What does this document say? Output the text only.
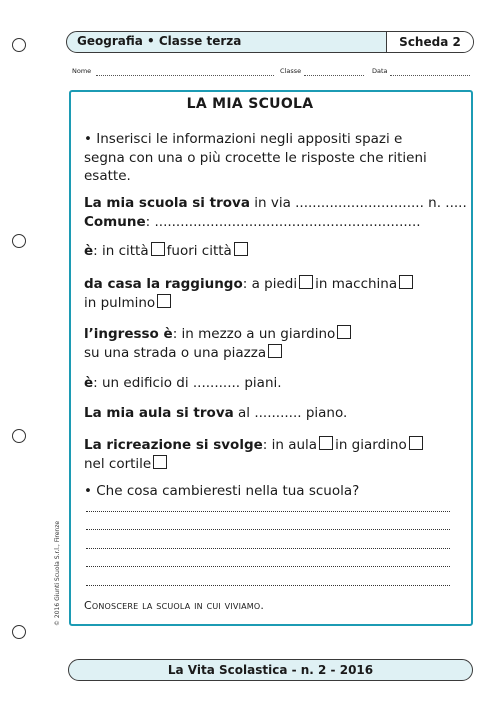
Geografia • Classe terza	Scheda 2
Nome	Classe	Data
LA MIA SCUOLA
• Inserisci le informazioni negli appositi spazi e
segna con una o più crocette le risposte che ritieni
esatte.
La mia scuola si trova in via .............................. n. .....
Comune: ..............................................................
è: in città fuori città
da casa la raggiungo: a piedi in macchina
in pulmino
l’ingresso è: in mezzo a un giardino
su una strada o una piazza
è: un edificio di ........... piani.
La mia aula si trova al ........... piano.
La ricreazione si svolge: in aula in giardino
nel cortile
• Che cosa cambieresti nella tua scuola?
Conoscere la scuola in cui viviamo.
© 2016 Giunti Scuola S.r.l., Firenze
La Vita Scolastica - n. 2 - 2016
